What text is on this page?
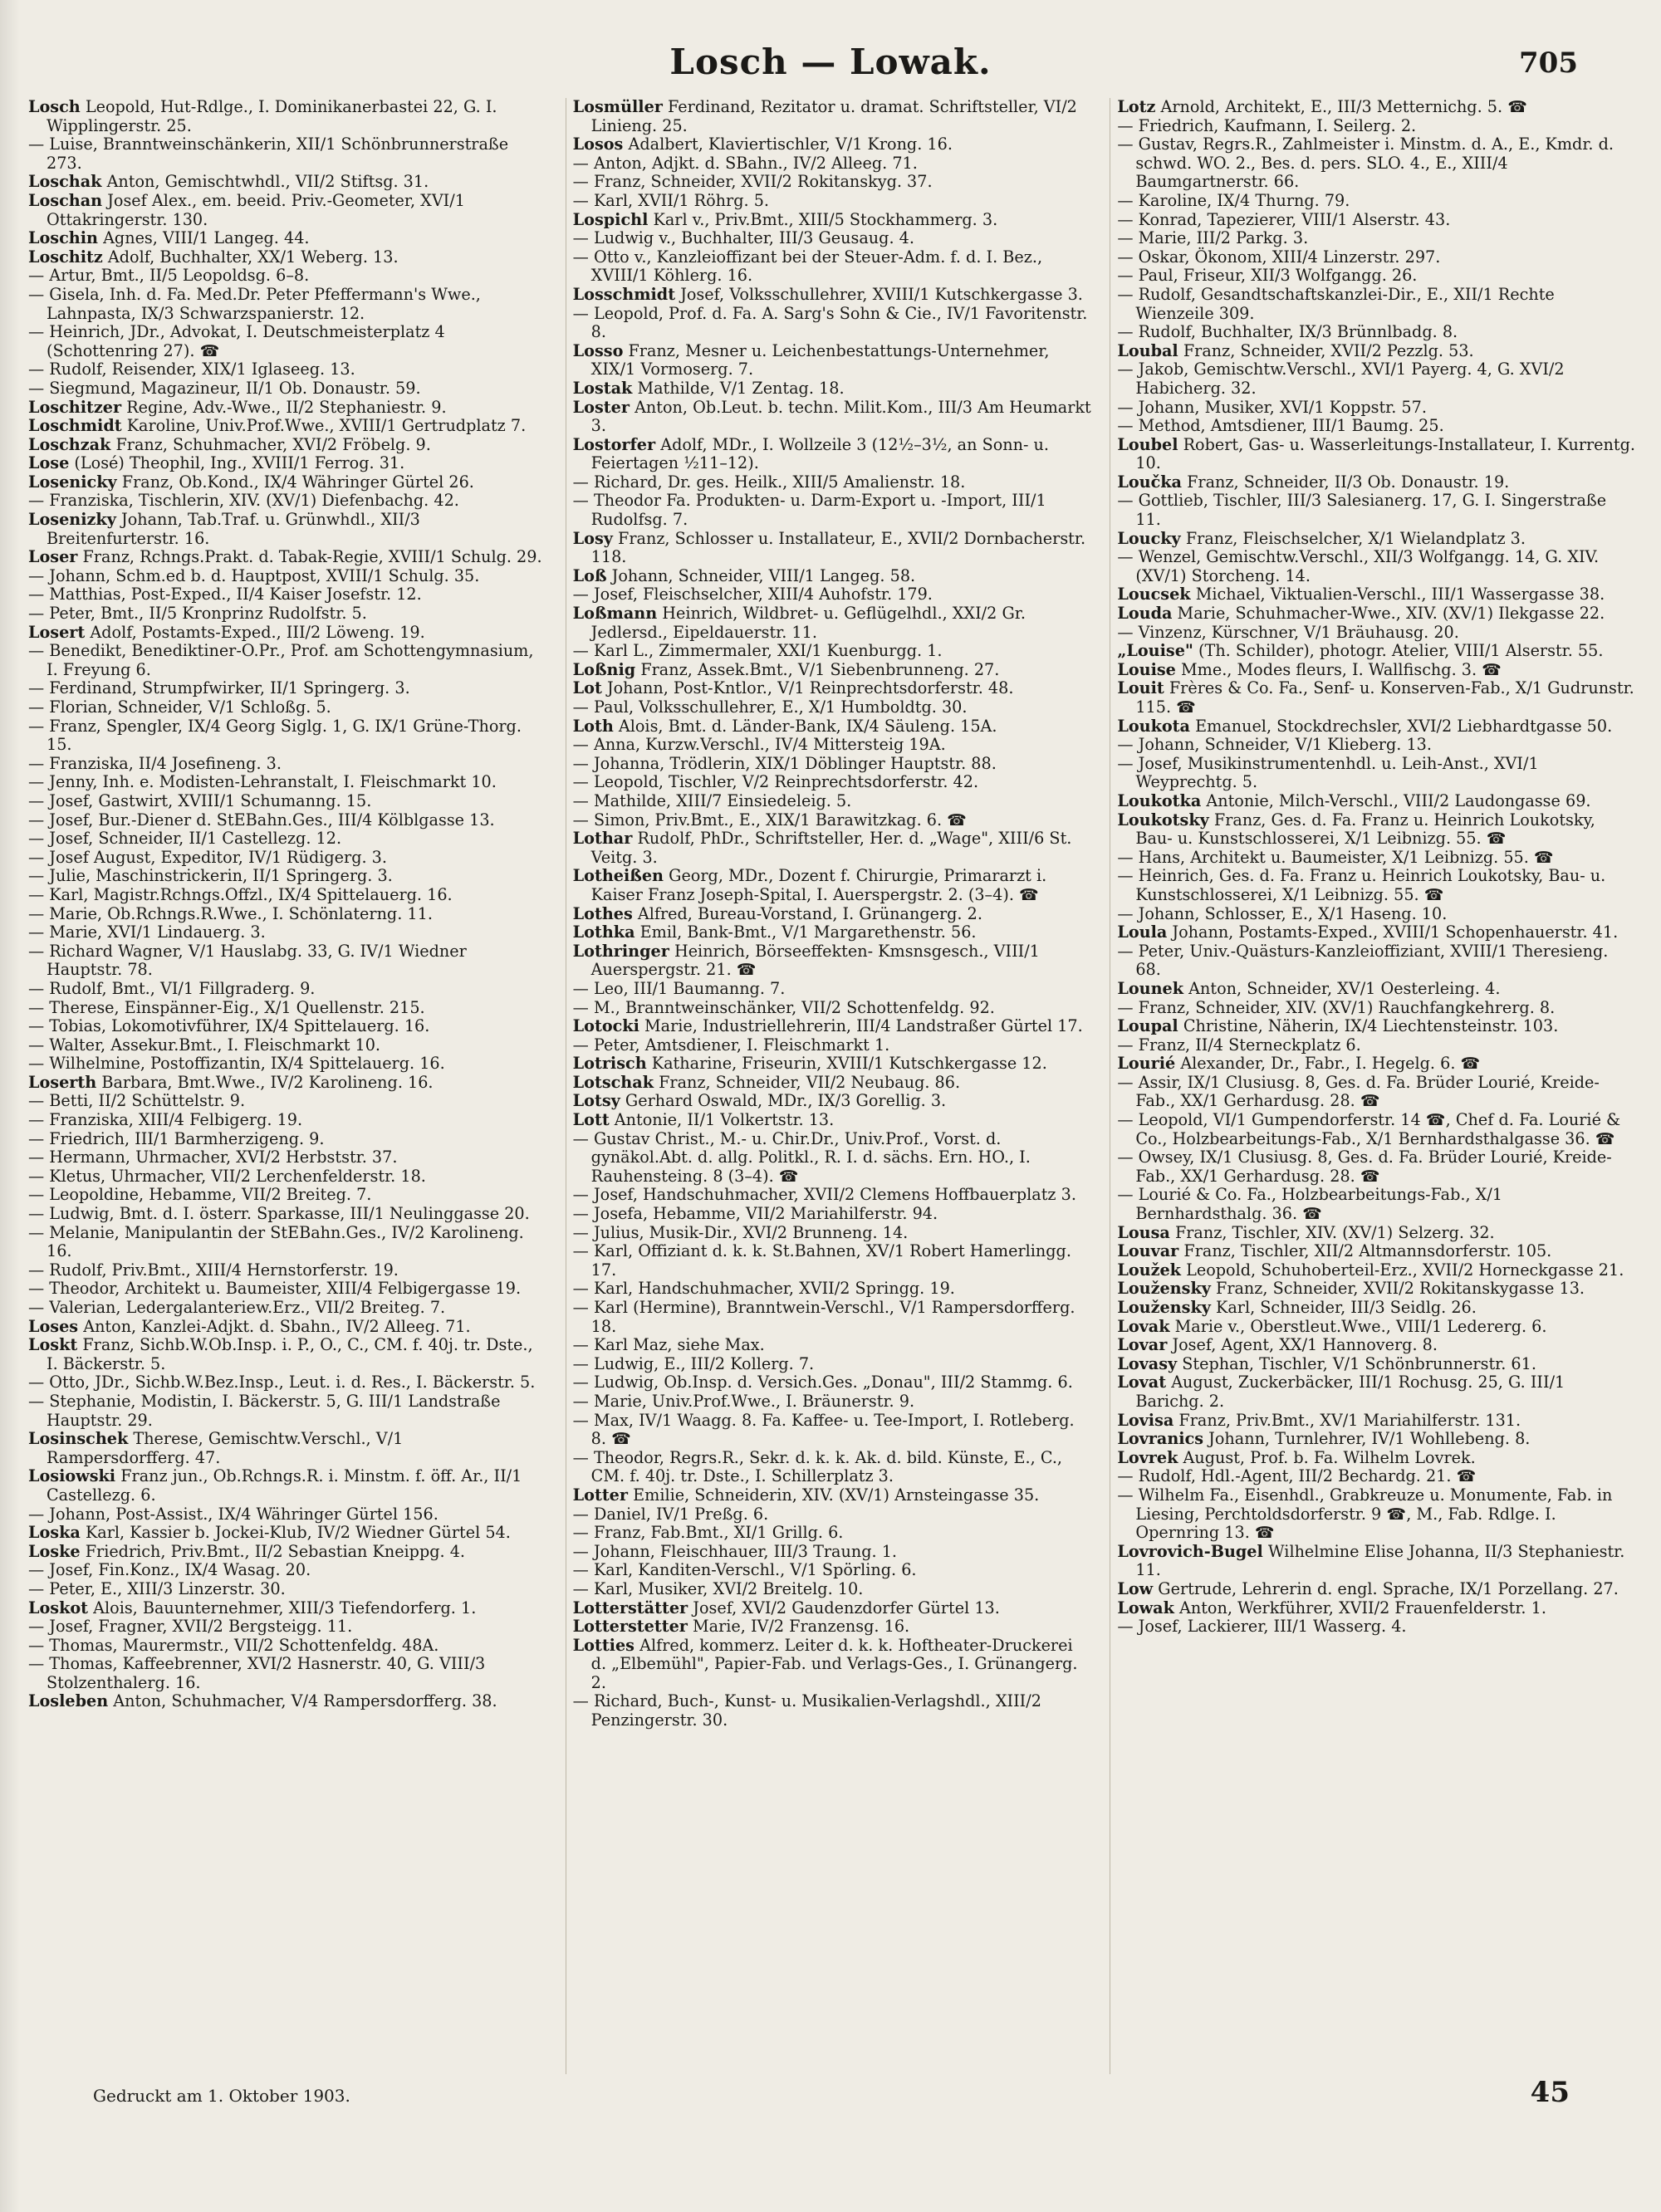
Losch — Lowak.	705
Losch Leopold, Hut-Rdlge., I. Dominikanerbastei 22, G. I. Wipplingerstr. 25.
— Luise, Branntweinschänkerin, XII/1 Schönbrunnerstraße 273.
Loschak Anton, Gemischtwhdl., VII/2 Stiftsg. 31.
Loschan Josef Alex., em. beeid. Priv.-Geometer, XVI/1 Ottakringerstr. 130.
Loschin Agnes, VIII/1 Langeg. 44.
Loschitz Adolf, Buchhalter, XX/1 Weberg. 13.
— Artur, Bmt., II/5 Leopoldsg. 6–8.
— Gisela, Inh. d. Fa. Med.Dr. Peter Pfeffermann's Wwe., Lahnpasta, IX/3 Schwarzspanierstr. 12.
— Heinrich, JDr., Advokat, I. Deutschmeisterplatz 4 (Schottenring 27). ☎
— Rudolf, Reisender, XIX/1 Iglaseeg. 13.
— Siegmund, Magazineur, II/1 Ob. Donaustr. 59.
Loschitzer Regine, Adv.-Wwe., II/2 Stephaniestr. 9.
Loschmidt Karoline, Univ.Prof.Wwe., XVIII/1 Gertrudplatz 7.
Loschzak Franz, Schuhmacher, XVI/2 Fröbelg. 9.
Lose (Losé) Theophil, Ing., XVIII/1 Ferrog. 31.
Losenicky Franz, Ob.Kond., IX/4 Währinger Gürtel 26.
— Franziska, Tischlerin, XIV. (XV/1) Diefenbachg. 42.
Losenizky Johann, Tab.Traf. u. Grünwhdl., XII/3 Breitenfurterstr. 16.
Loser Franz, Rchngs.Prakt. d. Tabak-Regie, XVIII/1 Schulg. 29.
— Johann, Schm.ed b. d. Hauptpost, XVIII/1 Schulg. 35.
— Matthias, Post-Exped., II/4 Kaiser Josefstr. 12.
— Peter, Bmt., II/5 Kronprinz Rudolfstr. 5.
Losert Adolf, Postamts-Exped., III/2 Löweng. 19.
— Benedikt, Benediktiner-O.Pr., Prof. am Schottengymnasium, I. Freyung 6.
— Ferdinand, Strumpfwirker, II/1 Springerg. 3.
— Florian, Schneider, V/1 Schloßg. 5.
— Franz, Spengler, IX/4 Georg Siglg. 1, G. IX/1 Grüne-Thorg. 15.
— Franziska, II/4 Josefineng. 3.
— Jenny, Inh. e. Modisten-Lehranstalt, I. Fleischmarkt 10.
— Josef, Gastwirt, XVIII/1 Schumanng. 15.
— Josef, Bur.-Diener d. StEBahn.Ges., III/4 Kölblgasse 13.
— Josef, Schneider, II/1 Castellezg. 12.
— Josef August, Expeditor, IV/1 Rüdigerg. 3.
— Julie, Maschinstrickerin, II/1 Springerg. 3.
— Karl, Magistr.Rchngs.Offzl., IX/4 Spittelauerg. 16.
— Marie, Ob.Rchngs.R.Wwe., I. Schönlaterng. 11.
— Marie, XVI/1 Lindauerg. 3.
— Richard Wagner, V/1 Hauslabg. 33, G. IV/1 Wiedner Hauptstr. 78.
— Rudolf, Bmt., VI/1 Fillgraderg. 9.
— Therese, Einspänner-Eig., X/1 Quellenstr. 215.
— Tobias, Lokomotivführer, IX/4 Spittelauerg. 16.
— Walter, Assekur.Bmt., I. Fleischmarkt 10.
— Wilhelmine, Postoffizantin, IX/4 Spittelauerg. 16.
Loserth Barbara, Bmt.Wwe., IV/2 Karolineng. 16.
— Betti, II/2 Schüttelstr. 9.
— Franziska, XIII/4 Felbigerg. 19.
— Friedrich, III/1 Barmherzigeng. 9.
— Hermann, Uhrmacher, XVI/2 Herbststr. 37.
— Kletus, Uhrmacher, VII/2 Lerchenfelderstr. 18.
— Leopoldine, Hebamme, VII/2 Breiteg. 7.
— Ludwig, Bmt. d. I. österr. Sparkasse, III/1 Neulinggasse 20.
— Melanie, Manipulantin der StEBahn.Ges., IV/2 Karolineng. 16.
— Rudolf, Priv.Bmt., XIII/4 Hernstorferstr. 19.
— Theodor, Architekt u. Baumeister, XIII/4 Felbigergasse 19.
— Valerian, Ledergalanteriew.Erz., VII/2 Breiteg. 7.
Loses Anton, Kanzlei-Adjkt. d. Sbahn., IV/2 Alleeg. 71.
Loskt Franz, Sichb.W.Ob.Insp. i. P., O., C., CM. f. 40j. tr. Dste., I. Bäckerstr. 5.
— Otto, JDr., Sichb.W.Bez.Insp., Leut. i. d. Res., I. Bäckerstr. 5.
— Stephanie, Modistin, I. Bäckerstr. 5, G. III/1 Landstraße Hauptstr. 29.
Losinschek Therese, Gemischtw.Verschl., V/1 Rampersdorfferg. 47.
Losiowski Franz jun., Ob.Rchngs.R. i. Minstm. f. öff. Ar., II/1 Castellezg. 6.
— Johann, Post-Assist., IX/4 Währinger Gürtel 156.
Loska Karl, Kassier b. Jockei-Klub, IV/2 Wiedner Gürtel 54.
Loske Friedrich, Priv.Bmt., II/2 Sebastian Kneippg. 4.
— Josef, Fin.Konz., IX/4 Wasag. 20.
— Peter, E., XIII/3 Linzerstr. 30.
Loskot Alois, Bauunternehmer, XIII/3 Tiefendorferg. 1.
— Josef, Fragner, XVII/2 Bergsteigg. 11.
— Thomas, Maurermstr., VII/2 Schottenfeldg. 48A.
— Thomas, Kaffeebrenner, XVI/2 Hasnerstr. 40, G. VIII/3 Stolzenthalerg. 16.
Losleben Anton, Schuhmacher, V/4 Rampersdorfferg. 38.
Losmüller Ferdinand, Rezitator u. dramat. Schriftsteller, VI/2 Linieng. 25.
Losos Adalbert, Klaviertischler, V/1 Krong. 16.
— Anton, Adjkt. d. SBahn., IV/2 Alleeg. 71.
— Franz, Schneider, XVII/2 Rokitanskyg. 37.
— Karl, XVII/1 Röhrg. 5.
Lospichl Karl v., Priv.Bmt., XIII/5 Stockhammerg. 3.
— Ludwig v., Buchhalter, III/3 Geusaug. 4.
— Otto v., Kanzleioffizant bei der Steuer-Adm. f. d. I. Bez., XVIII/1 Köhlerg. 16.
Losschmidt Josef, Volksschullehrer, XVIII/1 Kutschkergasse 3.
— Leopold, Prof. d. Fa. A. Sarg's Sohn & Cie., IV/1 Favoritenstr. 8.
Losso Franz, Mesner u. Leichenbestattungs-Unternehmer, XIX/1 Vormoserg. 7.
Lostak Mathilde, V/1 Zentag. 18.
Loster Anton, Ob.Leut. b. techn. Milit.Kom., III/3 Am Heumarkt 3.
Lostorfer Adolf, MDr., I. Wollzeile 3 (12½–3½, an Sonn- u. Feiertagen ½11–12).
— Richard, Dr. ges. Heilk., XIII/5 Amalienstr. 18.
— Theodor Fa. Produkten- u. Darm-Export u. -Import, III/1 Rudolfsg. 7.
Losy Franz, Schlosser u. Installateur, E., XVII/2 Dornbacherstr. 118.
Loß Johann, Schneider, VIII/1 Langeg. 58.
— Josef, Fleischselcher, XIII/4 Auhofstr. 179.
Loßmann Heinrich, Wildbret- u. Geflügelhdl., XXI/2 Gr. Jedlersd., Eipeldauerstr. 11.
— Karl L., Zimmermaler, XXI/1 Kuenburgg. 1.
Loßnig Franz, Assek.Bmt., V/1 Siebenbrunneng. 27.
Lot Johann, Post-Kntlor., V/1 Reinprechtsdorferstr. 48.
— Paul, Volksschullehrer, E., X/1 Humboldtg. 30.
Loth Alois, Bmt. d. Länder-Bank, IX/4 Säuleng. 15A.
— Anna, Kurzw.Verschl., IV/4 Mittersteig 19A.
— Johanna, Trödlerin, XIX/1 Döblinger Hauptstr. 88.
— Leopold, Tischler, V/2 Reinprechtsdorferstr. 42.
— Mathilde, XIII/7 Einsiedeleig. 5.
— Simon, Priv.Bmt., E., XIX/1 Barawitzkag. 6. ☎
Lothar Rudolf, PhDr., Schriftsteller, Her. d. „Wage", XIII/6 St. Veitg. 3.
Lotheißen Georg, MDr., Dozent f. Chirurgie, Primararzt i. Kaiser Franz Joseph-Spital, I. Auerspergstr. 2. (3–4). ☎
Lothes Alfred, Bureau-Vorstand, I. Grünangerg. 2.
Lothka Emil, Bank-Bmt., V/1 Margarethenstr. 56.
Lothringer Heinrich, Börseeffekten- Kmsnsgesch., VIII/1 Auerspergstr. 21. ☎
— Leo, III/1 Baumanng. 7.
— M., Branntweinschänker, VII/2 Schottenfeldg. 92.
Lotocki Marie, Industriellehrerin, III/4 Landstraßer Gürtel 17.
— Peter, Amtsdiener, I. Fleischmarkt 1.
Lotrisch Katharine, Friseurin, XVIII/1 Kutschkergasse 12.
Lotschak Franz, Schneider, VII/2 Neubaug. 86.
Lotsy Gerhard Oswald, MDr., IX/3 Gorellig. 3.
Lott Antonie, II/1 Volkertstr. 13.
— Gustav Christ., M.- u. Chir.Dr., Univ.Prof., Vorst. d. gynäkol.Abt. d. allg. Politkl., R. I. d. sächs. Ern. HO., I. Rauhensteing. 8 (3–4). ☎
— Josef, Handschuhmacher, XVII/2 Clemens Hoffbauerplatz 3.
— Josefa, Hebamme, VII/2 Mariahilferstr. 94.
— Julius, Musik-Dir., XVI/2 Brunneng. 14.
— Karl, Offiziant d. k. k. St.Bahnen, XV/1 Robert Hamerlingg. 17.
— Karl, Handschuhmacher, XVII/2 Springg. 19.
— Karl (Hermine), Branntwein-Verschl., V/1 Rampersdorfferg. 18.
— Karl Maz, siehe Max.
— Ludwig, E., III/2 Kollerg. 7.
— Ludwig, Ob.Insp. d. Versich.Ges. „Donau", III/2 Stammg. 6.
— Marie, Univ.Prof.Wwe., I. Bräunerstr. 9.
— Max, IV/1 Waagg. 8. Fa. Kaffee- u. Tee-Import, I. Rotleberg. 8. ☎
— Theodor, Regrs.R., Sekr. d. k. k. Ak. d. bild. Künste, E., C., CM. f. 40j. tr. Dste., I. Schillerplatz 3.
Lotter Emilie, Schneiderin, XIV. (XV/1) Arnsteingasse 35.
— Daniel, IV/1 Preßg. 6.
— Franz, Fab.Bmt., XI/1 Grillg. 6.
— Johann, Fleischhauer, III/3 Traung. 1.
— Karl, Kanditen-Verschl., V/1 Spörling. 6.
— Karl, Musiker, XVI/2 Breitelg. 10.
Lotterstätter Josef, XVI/2 Gaudenzdorfer Gürtel 13.
Lotterstetter Marie, IV/2 Franzensg. 16.
Lotties Alfred, kommerz. Leiter d. k. k. Hoftheater-Druckerei d. „Elbemühl", Papier-Fab. und Verlags-Ges., I. Grünangerg. 2.
— Richard, Buch-, Kunst- u. Musikalien-Verlagshdl., XIII/2 Penzingerstr. 30.
Lotz Arnold, Architekt, E., III/3 Metternichg. 5. ☎
— Friedrich, Kaufmann, I. Seilerg. 2.
— Gustav, Regrs.R., Zahlmeister i. Minstm. d. A., E., Kmdr. d. schwd. WO. 2., Bes. d. pers. SLO. 4., E., XIII/4 Baumgartnerstr. 66.
— Karoline, IX/4 Thurng. 79.
— Konrad, Tapezierer, VIII/1 Alserstr. 43.
— Marie, III/2 Parkg. 3.
— Oskar, Ökonom, XIII/4 Linzerstr. 297.
— Paul, Friseur, XII/3 Wolfgangg. 26.
— Rudolf, Gesandtschaftskanzlei-Dir., E., XII/1 Rechte Wienzeile 309.
— Rudolf, Buchhalter, IX/3 Brünnlbadg. 8.
Loubal Franz, Schneider, XVII/2 Pezzlg. 53.
— Jakob, Gemischtw.Verschl., XVI/1 Payerg. 4, G. XVI/2 Habicherg. 32.
— Johann, Musiker, XVI/1 Koppstr. 57.
— Method, Amtsdiener, III/1 Baumg. 25.
Loubel Robert, Gas- u. Wasserleitungs-Installateur, I. Kurrentg. 10.
Loučka Franz, Schneider, II/3 Ob. Donaustr. 19.
— Gottlieb, Tischler, III/3 Salesianerg. 17, G. I. Singerstraße 11.
Loucky Franz, Fleischselcher, X/1 Wielandplatz 3.
— Wenzel, Gemischtw.Verschl., XII/3 Wolfgangg. 14, G. XIV. (XV/1) Storcheng. 14.
Loucsek Michael, Viktualien-Verschl., III/1 Wassergasse 38.
Louda Marie, Schuhmacher-Wwe., XIV. (XV/1) Ilekgasse 22.
— Vinzenz, Kürschner, V/1 Bräuhausg. 20.
„Louise" (Th. Schilder), photogr. Atelier, VIII/1 Alserstr. 55.
Louise Mme., Modes fleurs, I. Wallfischg. 3. ☎
Louit Frères & Co. Fa., Senf- u. Konserven-Fab., X/1 Gudrunstr. 115. ☎
Loukota Emanuel, Stockdrechsler, XVI/2 Liebhardtgasse 50.
— Johann, Schneider, V/1 Klieberg. 13.
— Josef, Musikinstrumentenhdl. u. Leih-Anst., XVI/1 Weyprechtg. 5.
Loukotka Antonie, Milch-Verschl., VIII/2 Laudongasse 69.
Loukotsky Franz, Ges. d. Fa. Franz u. Heinrich Loukotsky, Bau- u. Kunstschlosserei, X/1 Leibnizg. 55. ☎
— Hans, Architekt u. Baumeister, X/1 Leibnizg. 55. ☎
— Heinrich, Ges. d. Fa. Franz u. Heinrich Loukotsky, Bau- u. Kunstschlosserei, X/1 Leibnizg. 55. ☎
— Johann, Schlosser, E., X/1 Haseng. 10.
Loula Johann, Postamts-Exped., XVIII/1 Schopenhauerstr. 41.
— Peter, Univ.-Quästurs-Kanzleioffiziant, XVIII/1 Theresieng. 68.
Lounek Anton, Schneider, XV/1 Oesterleing. 4.
— Franz, Schneider, XIV. (XV/1) Rauchfangkehrerg. 8.
Loupal Christine, Näherin, IX/4 Liechtensteinstr. 103.
— Franz, II/4 Sterneckplatz 6.
Lourié Alexander, Dr., Fabr., I. Hegelg. 6. ☎
— Assir, IX/1 Clusiusg. 8, Ges. d. Fa. Brüder Lourié, Kreide-Fab., XX/1 Gerhardusg. 28. ☎
— Leopold, VI/1 Gumpendorferstr. 14 ☎, Chef d. Fa. Lourié & Co., Holzbearbeitungs-Fab., X/1 Bernhardsthalgasse 36. ☎
— Owsey, IX/1 Clusiusg. 8, Ges. d. Fa. Brüder Lourié, Kreide-Fab., XX/1 Gerhardusg. 28. ☎
— Lourié & Co. Fa., Holzbearbeitungs-Fab., X/1 Bernhardsthalg. 36. ☎
Lousa Franz, Tischler, XIV. (XV/1) Selzerg. 32.
Louvar Franz, Tischler, XII/2 Altmannsdorferstr. 105.
Loužek Leopold, Schuhoberteil-Erz., XVII/2 Horneckgasse 21.
Loužensky Franz, Schneider, XVII/2 Rokitanskygasse 13.
Loužensky Karl, Schneider, III/3 Seidlg. 26.
Lovak Marie v., Oberstleut.Wwe., VIII/1 Ledererg. 6.
Lovar Josef, Agent, XX/1 Hannoverg. 8.
Lovasy Stephan, Tischler, V/1 Schönbrunnerstr. 61.
Lovat August, Zuckerbäcker, III/1 Rochusg. 25, G. III/1 Barichg. 2.
Lovisa Franz, Priv.Bmt., XV/1 Mariahilferstr. 131.
Lovranics Johann, Turnlehrer, IV/1 Wohllebeng. 8.
Lovrek August, Prof. b. Fa. Wilhelm Lovrek.
— Rudolf, Hdl.-Agent, III/2 Bechardg. 21. ☎
— Wilhelm Fa., Eisenhdl., Grabkreuze u. Monumente, Fab. in Liesing, Perchtoldsdorferstr. 9 ☎, M., Fab. Rdlge. I. Opernring 13. ☎
Lovrovich-Bugel Wilhelmine Elise Johanna, II/3 Stephaniestr. 11.
Low Gertrude, Lehrerin d. engl. Sprache, IX/1 Porzellang. 27.
Lowak Anton, Werkführer, XVII/2 Frauenfelderstr. 1.
— Josef, Lackierer, III/1 Wasserg. 4.
Gedruckt am 1. Oktober 1903.	45
